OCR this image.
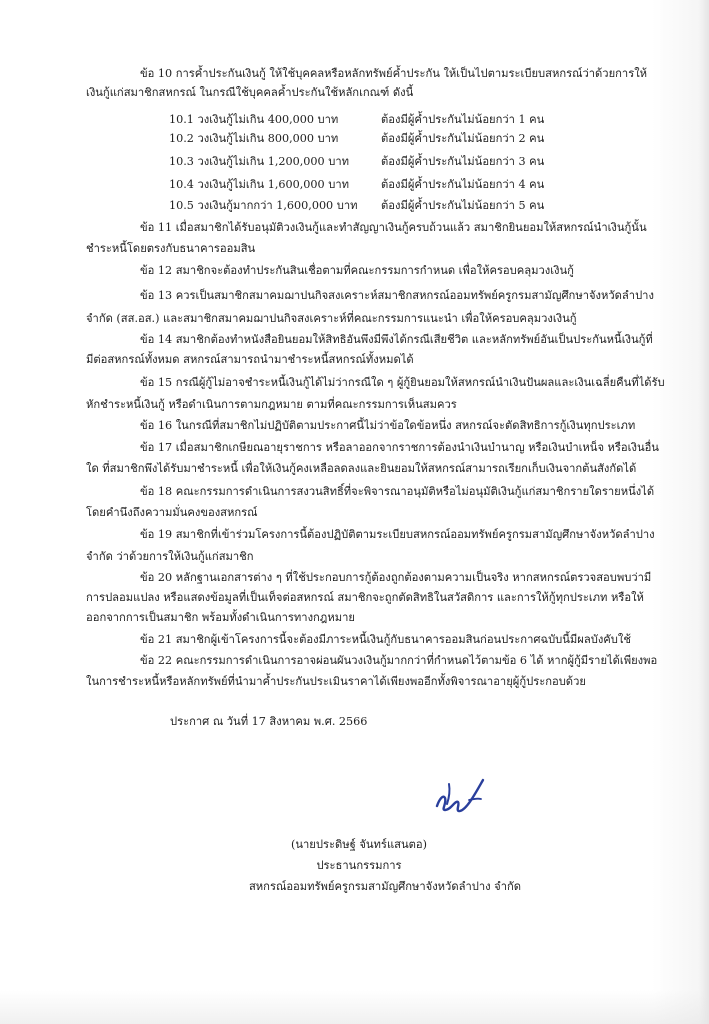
ข้อ 10 การค้ำประกันเงินกู้ ให้ใช้บุคคลหรือหลักทรัพย์ค้ำประกัน ให้เป็นไปตามระเบียบสหกรณ์ว่าด้วยการให้

เงินกู้แก่สมาชิกสหกรณ์ ในกรณีใช้บุคคลค้ำประกันใช้หลักเกณฑ์ ดังนี้

10.1 วงเงินกู้ไม่เกิน 400,000 บาท	ต้องมีผู้ค้ำประกันไม่น้อยกว่า 1 คน
10.2 วงเงินกู้ไม่เกิน 800,000 บาท	ต้องมีผู้ค้ำประกันไม่น้อยกว่า 2 คน
10.3 วงเงินกู้ไม่เกิน 1,200,000 บาท	ต้องมีผู้ค้ำประกันไม่น้อยกว่า 3 คน
10.4 วงเงินกู้ไม่เกิน 1,600,000 บาท	ต้องมีผู้ค้ำประกันไม่น้อยกว่า 4 คน
10.5 วงเงินกู้มากกว่า 1,600,000 บาท ต้องมีผู้ค้ำประกันไม่น้อยกว่า 5 คน

ข้อ 11 เมื่อสมาชิกได้รับอนุมัติวงเงินกู้และทำสัญญาเงินกู้ครบถ้วนแล้ว สมาชิกยินยอมให้สหกรณ์นำเงินกู้นั้น

ชำระหนี้โดยตรงกับธนาคารออมสิน

ข้อ 12 สมาชิกจะต้องทำประกันสินเชื่อตามที่คณะกรรมการกำหนด เพื่อให้ครอบคลุมวงเงินกู้

ข้อ 13 ควรเป็นสมาชิกสมาคมฌาปนกิจสงเคราะห์สมาชิกสหกรณ์ออมทรัพย์ครูกรมสามัญศึกษาจังหวัดลำปาง

จำกัด (สส.อส.) และสมาชิกสมาคมฌาปนกิจสงเคราะห์ที่คณะกรรมการแนะนำ เพื่อให้ครอบคลุมวงเงินกู้

ข้อ 14 สมาชิกต้องทำหนังสือยินยอมให้สิทธิอันพึงมีพึงได้กรณีเสียชีวิต และหลักทรัพย์อันเป็นประกันหนี้เงินกู้ที่

มีต่อสหกรณ์ทั้งหมด สหกรณ์สามารถนำมาชำระหนี้สหกรณ์ทั้งหมดได้

ข้อ 15 กรณีผู้กู้ไม่อาจชำระหนี้เงินกู้ได้ไม่ว่ากรณีใด ๆ ผู้กู้ยินยอมให้สหกรณ์นำเงินปันผลและเงินเฉลี่ยคืนที่ได้รับ

หักชำระหนี้เงินกู้ หรือดำเนินการตามกฎหมาย ตามที่คณะกรรมการเห็นสมควร

ข้อ 16 ในกรณีที่สมาชิกไม่ปฏิบัติตามประกาศนี้ไม่ว่าข้อใดข้อหนึ่ง สหกรณ์จะตัดสิทธิการกู้เงินทุกประเภท

ข้อ 17 เมื่อสมาชิกเกษียณอายุราชการ หรือลาออกจากราชการต้องนำเงินบำนาญ หรือเงินบำเหน็จ หรือเงินอื่น

ใด ที่สมาชิกพึงได้รับมาชำระหนี้ เพื่อให้เงินกู้คงเหลือลดลงและยินยอมให้สหกรณ์สามารถเรียกเก็บเงินจากต้นสังกัดได้

ข้อ 18 คณะกรรมการดำเนินการสงวนสิทธิ์ที่จะพิจารณาอนุมัติหรือไม่อนุมัติเงินกู้แก่สมาชิกรายใดรายหนึ่งได้

โดยคำนึงถึงความมั่นคงของสหกรณ์

ข้อ 19 สมาชิกที่เข้าร่วมโครงการนี้ต้องปฏิบัติตามระเบียบสหกรณ์ออมทรัพย์ครูกรมสามัญศึกษาจังหวัดลำปาง

จำกัด ว่าด้วยการให้เงินกู้แก่สมาชิก

ข้อ 20 หลักฐานเอกสารต่าง ๆ ที่ใช้ประกอบการกู้ต้องถูกต้องตามความเป็นจริง หากสหกรณ์ตรวจสอบพบว่ามี

การปลอมแปลง หรือแสดงข้อมูลที่เป็นเท็จต่อสหกรณ์ สมาชิกจะถูกตัดสิทธิในสวัสดิการ และการให้กู้ทุกประเภท หรือให้

ออกจากการเป็นสมาชิก พร้อมทั้งดำเนินการทางกฎหมาย

ข้อ 21 สมาชิกผู้เข้าโครงการนี้จะต้องมีภาระหนี้เงินกู้กับธนาคารออมสินก่อนประกาศฉบับนี้มีผลบังคับใช้

ข้อ 22 คณะกรรมการดำเนินการอาจผ่อนผันวงเงินกู้มากกว่าที่กำหนดไว้ตามข้อ 6 ได้ หากผู้กู้มีรายได้เพียงพอ

ในการชำระหนี้หรือหลักทรัพย์ที่นำมาค้ำประกันประเมินราคาได้เพียงพออีกทั้งพิจารณาอายุผู้กู้ประกอบด้วย

ประกาศ ณ วันที่ 17 สิงหาคม พ.ศ. 2566

(นายประดิษฐ์ จันทร์แสนตอ)

ประธานกรรมการ

สหกรณ์ออมทรัพย์ครูกรมสามัญศึกษาจังหวัดลำปาง จำกัด
